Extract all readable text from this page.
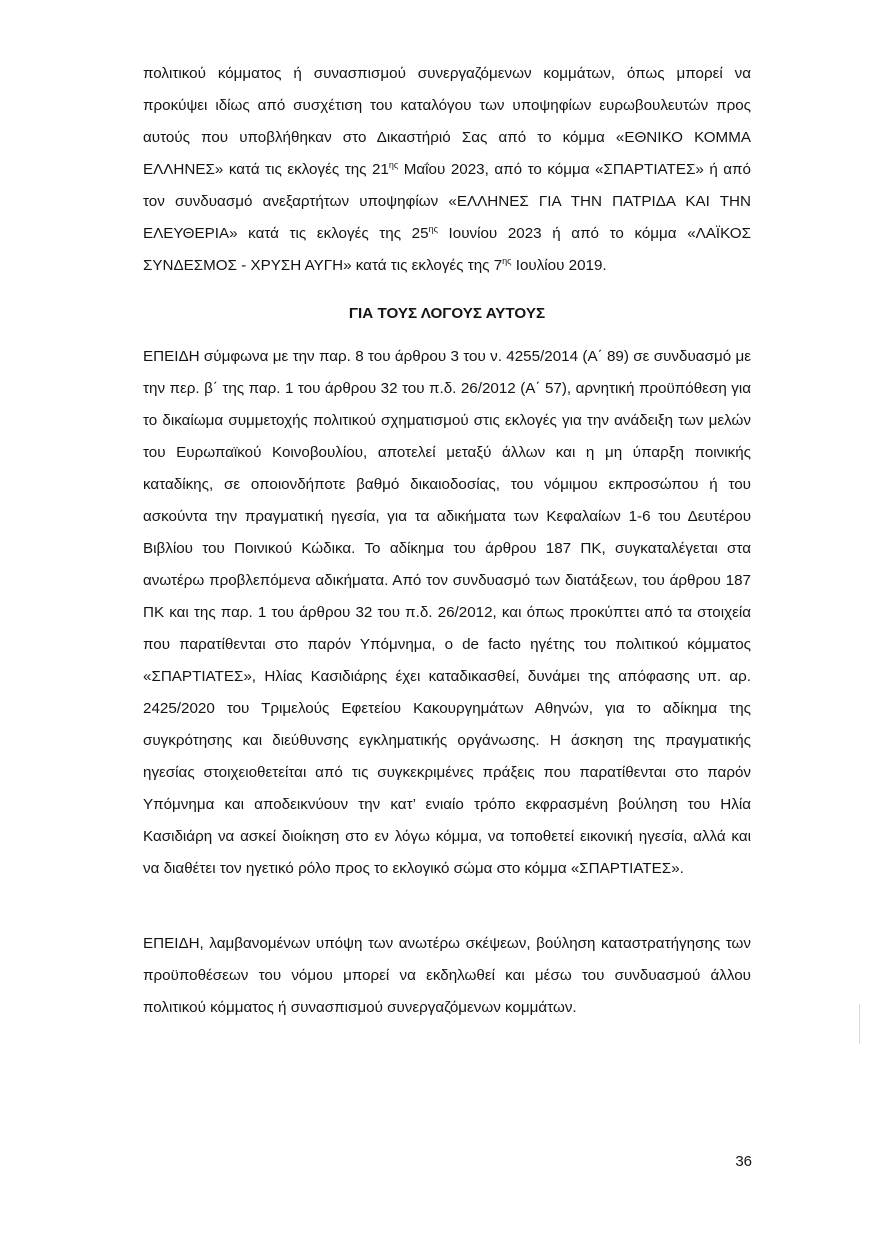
πολιτικού κόμματος ή συνασπισμού συνεργαζόμενων κομμάτων, όπως μπορεί να προκύψει ιδίως από συσχέτιση του καταλόγου των υποψηφίων ευρωβουλευτών προς αυτούς που υποβλήθηκαν στο Δικαστήριό Σας από το κόμμα «ΕΘΝΙΚΟ ΚΟΜΜΑ ΕΛΛΗΝΕΣ» κατά τις εκλογές της $21^{\eta\varsigma}$ Μαΐου 2023, από το κόμμα «ΣΠΑΡΤΙΑΤΕΣ» ή από τον συνδυασμό ανεξαρτήτων υποψηφίων «ΕΛΛΗΝΕΣ ΓΙΑ ΤΗΝ ΠΑΤΡΙΔΑ ΚΑΙ ΤΗΝ ΕΛΕΥΘΕΡΙΑ» κατά τις εκλογές της $25^{\eta\varsigma}$ Ιουνίου 2023 ή από το κόμμα «ΛΑΪΚΟΣ ΣΥΝΔΕΣΜΟΣ - ΧΡΥΣΗ ΑΥΓΗ» κατά τις εκλογές της $7^{\eta\varsigma}$ Ιουλίου 2019.

ΓΙΑ ΤΟΥΣ ΛΟΓΟΥΣ ΑΥΤΟΥΣ

ΕΠΕΙΔΗ σύμφωνα με την παρ. 8 του άρθρου 3 του ν. 4255/2014 (Α΄ 89) σε συνδυασμό με την περ. β΄ της παρ. 1 του άρθρου 32 του π.δ. 26/2012 (Α΄ 57), αρνητική προϋπόθεση για το δικαίωμα συμμετοχής πολιτικού σχηματισμού στις εκλογές για την ανάδειξη των μελών του Ευρωπαϊκού Κοινοβουλίου, αποτελεί μεταξύ άλλων και η μη ύπαρξη ποινικής καταδίκης, σε οποιονδήποτε βαθμό δικαιοδοσίας, του νόμιμου εκπροσώπου ή του ασκούντα την πραγματική ηγεσία, για τα αδικήματα των Κεφαλαίων 1-6 του Δευτέρου Βιβλίου του Ποινικού Κώδικα. Το αδίκημα του άρθρου 187 ΠΚ, συγκαταλέγεται στα ανωτέρω προβλεπόμενα αδικήματα. Από τον συνδυασμό των διατάξεων, του άρθρου 187 ΠΚ και της παρ. 1 του άρθρου 32 του π.δ. 26/2012, και όπως προκύπτει από τα στοιχεία που παρατίθενται στο παρόν Υπόμνημα, ο de facto ηγέτης του πολιτικού κόμματος «ΣΠΑΡΤΙΑΤΕΣ», Ηλίας Κασιδιάρης έχει καταδικασθεί, δυνάμει της απόφασης υπ. αρ. 2425/2020 του Τριμελούς Εφετείου Κακουργημάτων Αθηνών, για το αδίκημα της συγκρότησης και διεύθυνσης εγκληματικής οργάνωσης. Η άσκηση της πραγματικής ηγεσίας στοιχειοθετείται από τις συγκεκριμένες πράξεις που παρατίθενται στο παρόν Υπόμνημα και αποδεικνύουν την κατ’ ενιαίο τρόπο εκφρασμένη βούληση του Ηλία Κασιδιάρη να ασκεί διοίκηση στο εν λόγω κόμμα, να τοποθετεί εικονική ηγεσία, αλλά και να διαθέτει τον ηγετικό ρόλο προς το εκλογικό σώμα στο κόμμα «ΣΠΑΡΤΙΑΤΕΣ».

ΕΠΕΙΔΗ, λαμβανομένων υπόψη των ανωτέρω σκέψεων, βούληση καταστρατήγησης των προϋποθέσεων του νόμου μπορεί να εκδηλωθεί και μέσω του συνδυασμού άλλου πολιτικού κόμματος ή συνασπισμού συνεργαζόμενων κομμάτων.

36
